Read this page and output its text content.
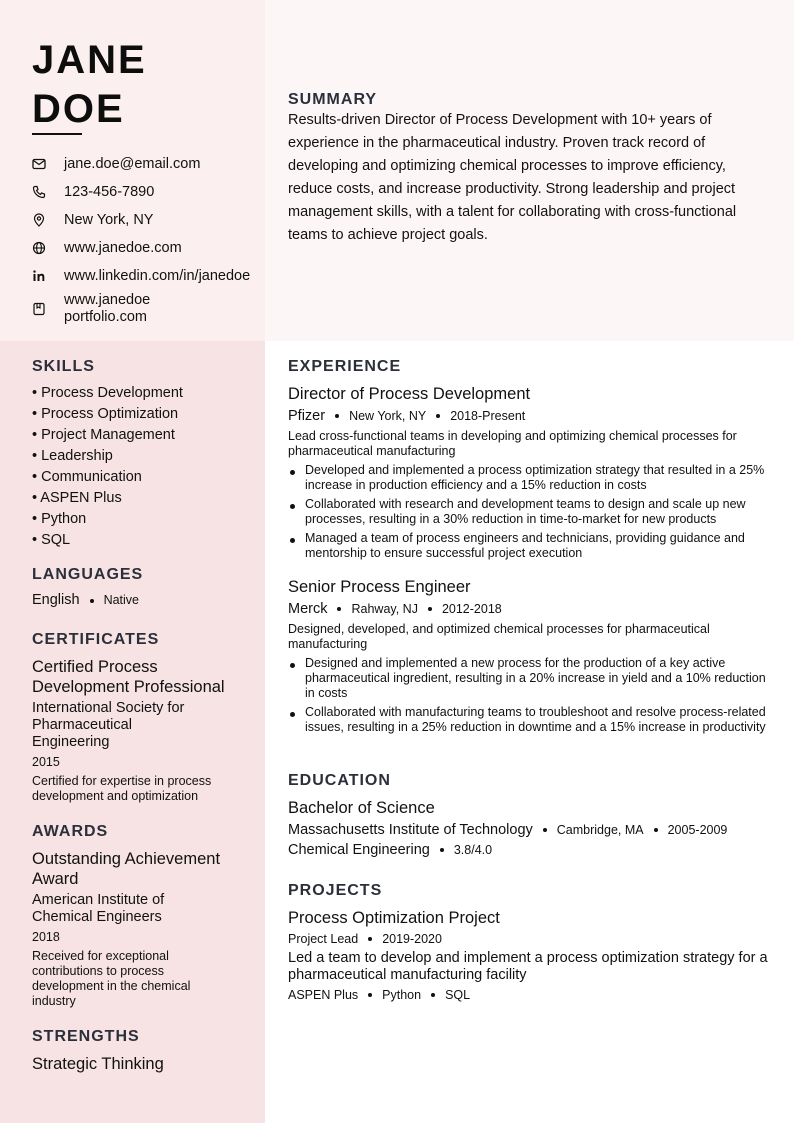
JANE
DOE
jane.doe@email.com
123-456-7890
New York, NY
www.janedoe.com
www.linkedin.com/in/janedoe
www.janedoe portfolio.com
SKILLS
• Process Development
• Process Optimization
• Project Management
• Leadership
• Communication
• ASPEN Plus
• Python
• SQL
LANGUAGES
English Native
CERTIFICATES
Certified Process Development Professional
International Society for Pharmaceutical Engineering
2015
Certified for expertise in process development and optimization
AWARDS
Outstanding Achievement Award
American Institute of Chemical Engineers
2018
Received for exceptional contributions to process development in the chemical industry
STRENGTHS
Strategic Thinking
SUMMARY
Results-driven Director of Process Development with 10+ years of experience in the pharmaceutical industry. Proven track record of developing and optimizing chemical processes to improve efficiency, reduce costs, and increase productivity. Strong leadership and project management skills, with a talent for collaborating with cross-functional teams to achieve project goals.
EXPERIENCE
Director of Process Development
Pfizer New York, NY 2018-Present
Lead cross-functional teams in developing and optimizing chemical processes for pharmaceutical manufacturing
Developed and implemented a process optimization strategy that resulted in a 25% increase in production efficiency and a 15% reduction in costs
Collaborated with research and development teams to design and scale up new processes, resulting in a 30% reduction in time-to-market for new products
Managed a team of process engineers and technicians, providing guidance and mentorship to ensure successful project execution
Senior Process Engineer
Merck Rahway, NJ 2012-2018
Designed, developed, and optimized chemical processes for pharmaceutical manufacturing
Designed and implemented a new process for the production of a key active pharmaceutical ingredient, resulting in a 20% increase in yield and a 10% reduction in costs
Collaborated with manufacturing teams to troubleshoot and resolve process-related issues, resulting in a 25% reduction in downtime and a 15% increase in productivity
EDUCATION
Bachelor of Science
Massachusetts Institute of Technology Cambridge, MA 2005-2009
Chemical Engineering 3.8/4.0
PROJECTS
Process Optimization Project
Project Lead 2019-2020
Led a team to develop and implement a process optimization strategy for a pharmaceutical manufacturing facility
ASPEN Plus Python SQL
